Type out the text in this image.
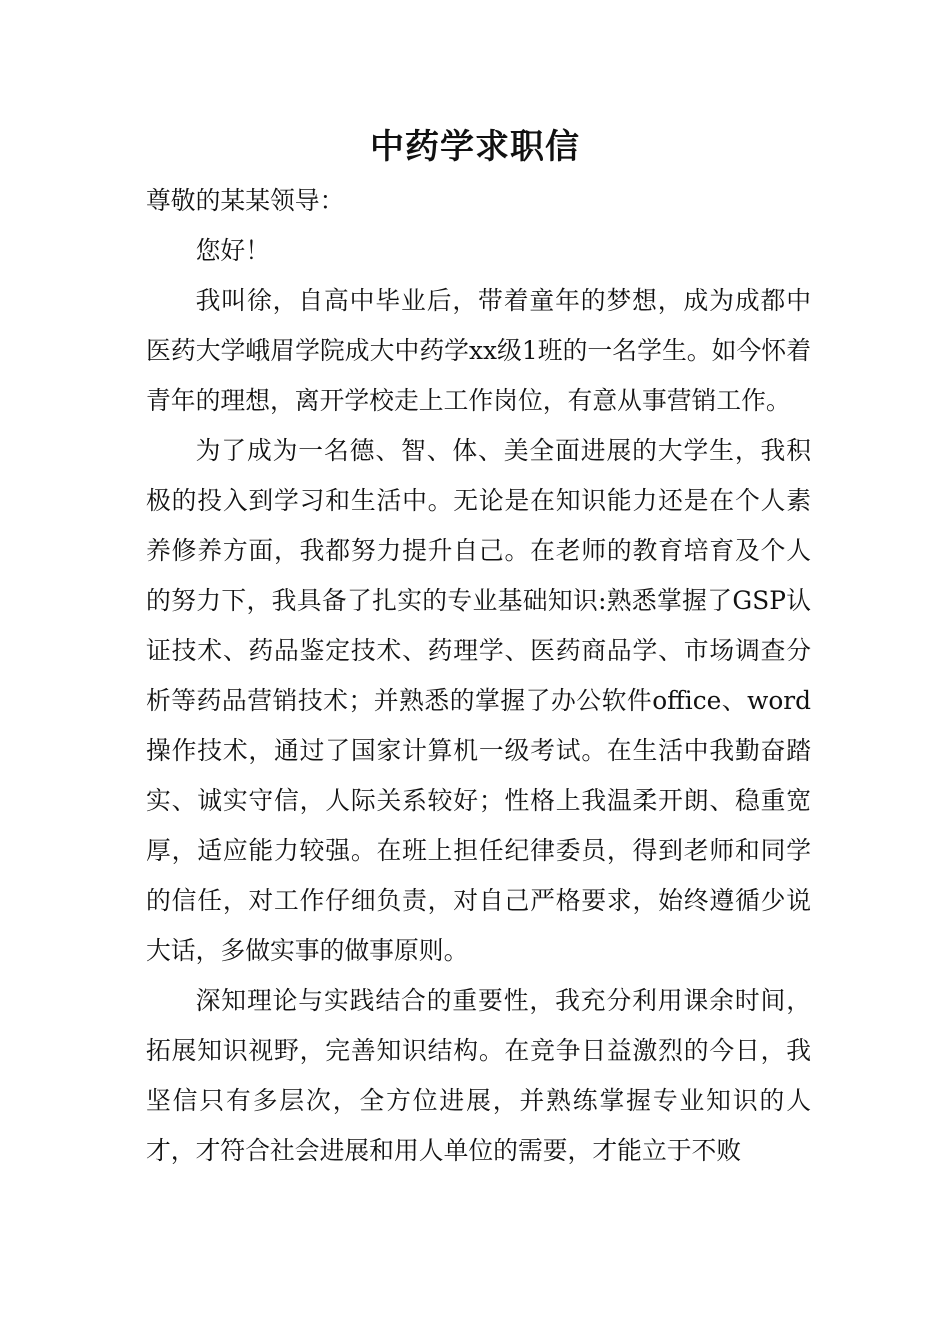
中药学求职信

尊敬的某某领导：

您好！

我叫徐，自高中毕业后，带着童年的梦想，成为成都中医药大学峨眉学院成大中药学xx级1班的一名学生。如今怀着青年的理想，离开学校走上工作岗位，有意从事营销工作。

为了成为一名德、智、体、美全面进展的大学生，我积极的投入到学习和生活中。无论是在知识能力还是在个人素养修养方面，我都努力提升自己。在老师的教育培育及个人的努力下，我具备了扎实的专业基础知识:熟悉掌握了GSP认证技术、药品鉴定技术、药理学、医药商品学、市场调查分析等药品营销技术；并熟悉的掌握了办公软件office、word操作技术，通过了国家计算机一级考试。在生活中我勤奋踏实、诚实守信，人际关系较好；性格上我温柔开朗、稳重宽厚，适应能力较强。在班上担任纪律委员，得到老师和同学的信任，对工作仔细负责，对自己严格要求，始终遵循少说大话，多做实事的做事原则。

深知理论与实践结合的重要性，我充分利用课余时间，拓展知识视野，完善知识结构。在竞争日益激烈的今日，我坚信只有多层次，全方位进展，并熟练掌握专业知识的人才，才符合社会进展和用人单位的需要，才能立于不败
